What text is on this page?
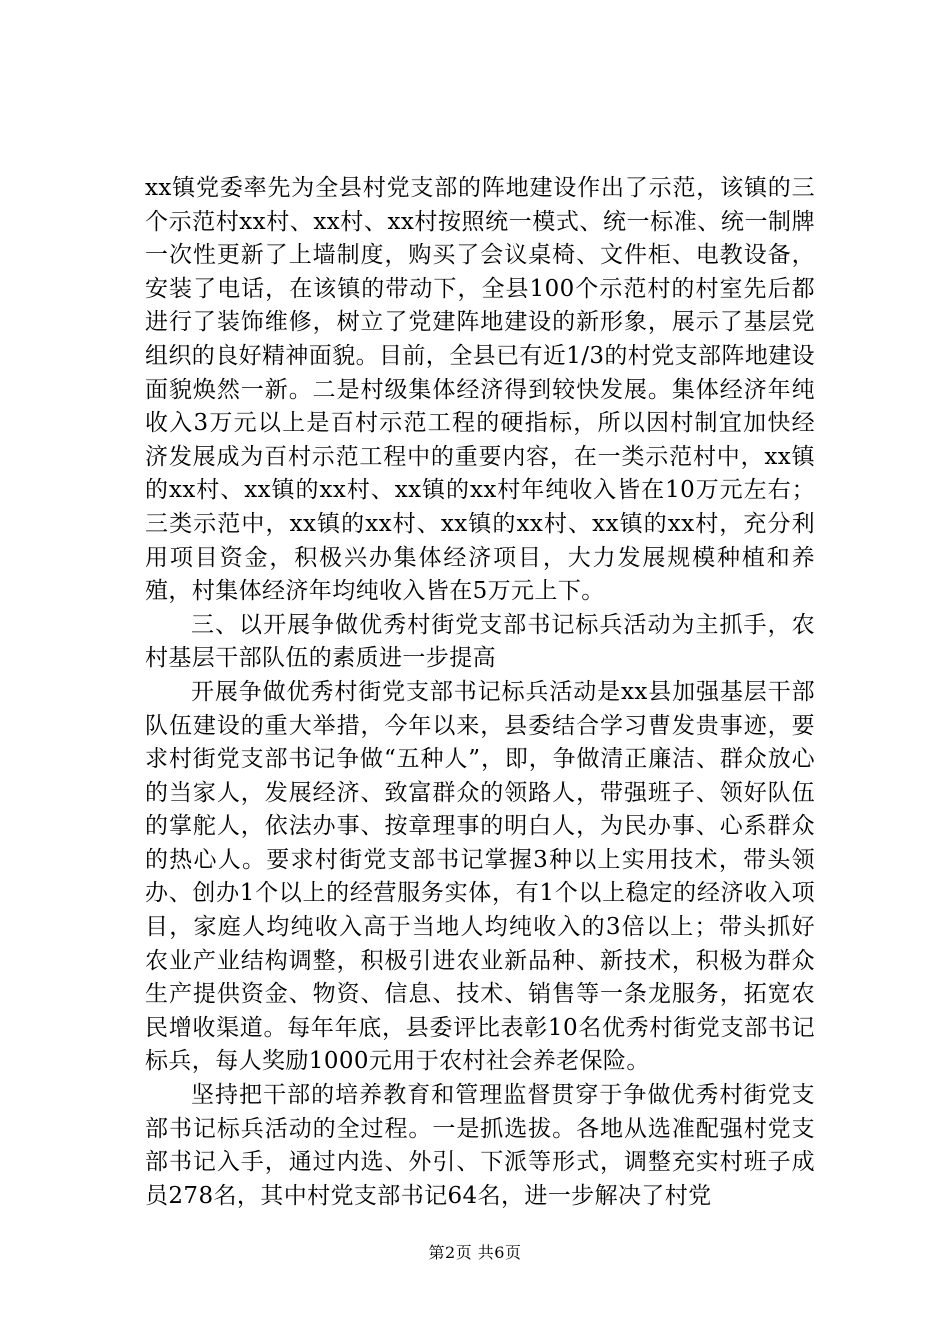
xx镇党委率先为全县村党支部的阵地建设作出了示范，该镇的三个示范村xx村、xx村、xx村按照统一模式、统一标准、统一制牌一次性更新了上墙制度，购买了会议桌椅、文件柜、电教设备，安装了电话，在该镇的带动下，全县100个示范村的村室先后都进行了装饰维修，树立了党建阵地建设的新形象，展示了基层党组织的良好精神面貌。目前，全县已有近1/3的村党支部阵地建设面貌焕然一新。二是村级集体经济得到较快发展。集体经济年纯收入3万元以上是百村示范工程的硬指标，所以因村制宜加快经济发展成为百村示范工程中的重要内容，在一类示范村中，xx镇的xx村、xx镇的xx村、xx镇的xx村年纯收入皆在10万元左右；三类示范中，xx镇的xx村、xx镇的xx村、xx镇的xx村，充分利用项目资金，积极兴办集体经济项目，大力发展规模种植和养殖，村集体经济年均纯收入皆在5万元上下。

三、以开展争做优秀村街党支部书记标兵活动为主抓手，农村基层干部队伍的素质进一步提高

开展争做优秀村街党支部书记标兵活动是xx县加强基层干部队伍建设的重大举措，今年以来，县委结合学习曹发贵事迹，要求村街党支部书记争做“五种人”，即，争做清正廉洁、群众放心的当家人，发展经济、致富群众的领路人，带强班子、领好队伍的掌舵人，依法办事、按章理事的明白人，为民办事、心系群众的热心人。要求村街党支部书记掌握3种以上实用技术，带头领办、创办1个以上的经营服务实体，有1个以上稳定的经济收入项目，家庭人均纯收入高于当地人均纯收入的3倍以上；带头抓好农业产业结构调整，积极引进农业新品种、新技术，积极为群众生产提供资金、物资、信息、技术、销售等一条龙服务，拓宽农民增收渠道。每年年底，县委评比表彰10名优秀村街党支部书记标兵，每人奖励1000元用于农村社会养老保险。

坚持把干部的培养教育和管理监督贯穿于争做优秀村街党支部书记标兵活动的全过程。一是抓选拔。各地从选准配强村党支部书记入手，通过内选、外引、下派等形式，调整充实村班子成员278名，其中村党支部书记64名，进一步解决了村党

第2页 共6页
